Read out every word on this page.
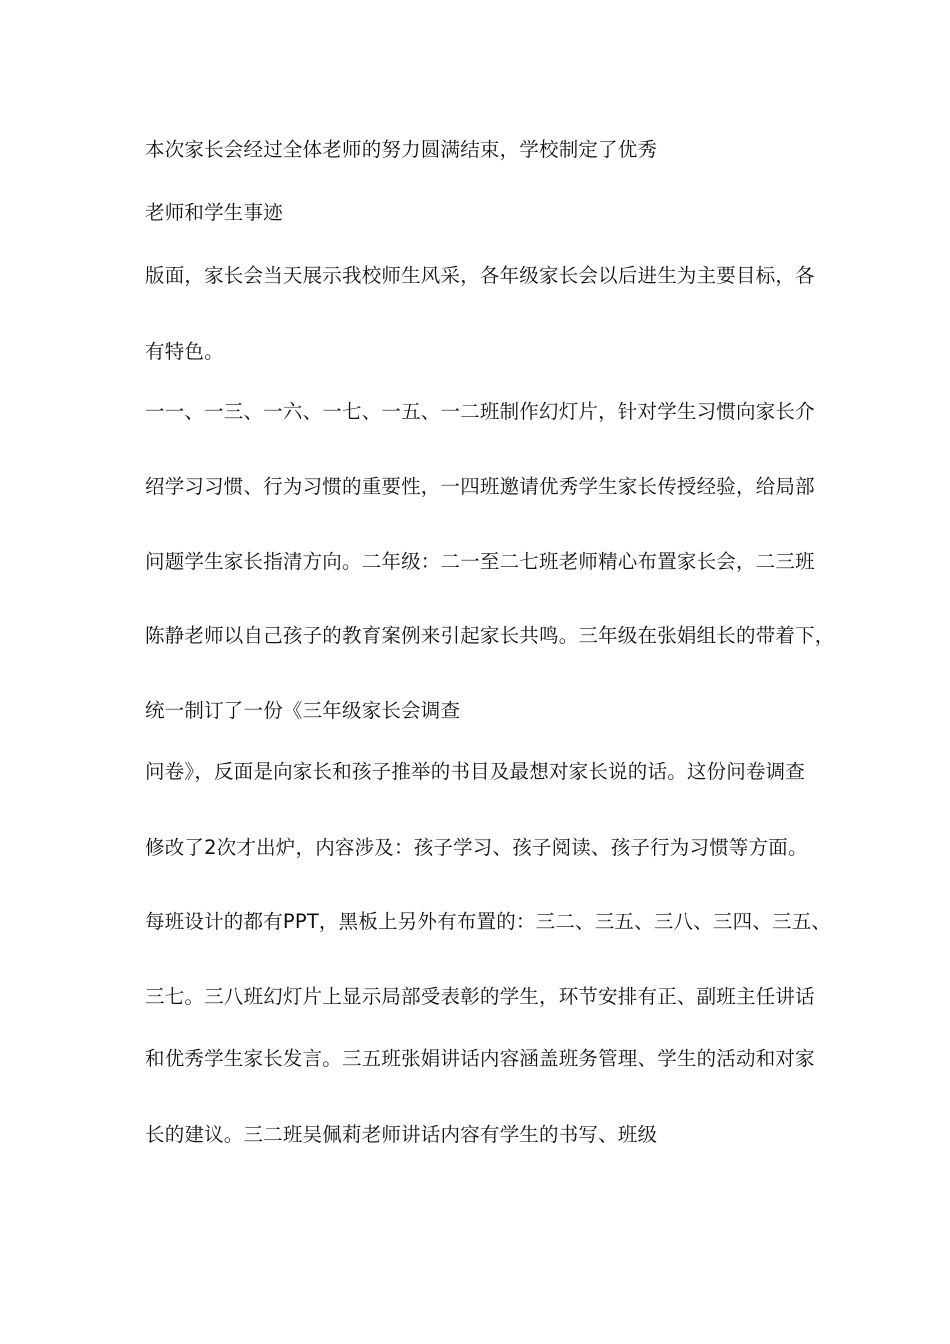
本次家长会经过全体老师的努力圆满结束，学校制定了优秀
老师和学生事迹
版面，家长会当天展示我校师生风采，各年级家长会以后进生为主要目标，各
有特色。
一一、一三、一六、一七、一五、一二班制作幻灯片，针对学生习惯向家长介
绍学习习惯、行为习惯的重要性，一四班邀请优秀学生家长传授经验，给局部
问题学生家长指清方向。二年级：二一至二七班老师精心布置家长会，二三班
陈静老师以自己孩子的教育案例来引起家长共鸣。三年级在张娟组长的带着下，
统一制订了一份《三年级家长会调查
问卷》，反面是向家长和孩子推举的书目及最想对家长说的话。这份问卷调查
修改了2次才出炉，内容涉及：孩子学习、孩子阅读、孩子行为习惯等方面。
每班设计的都有PPT，黑板上另外有布置的：三二、三五、三八、三四、三五、
三七。三八班幻灯片上显示局部受表彰的学生，环节安排有正、副班主任讲话
和优秀学生家长发言。三五班张娟讲话内容涵盖班务管理、学生的活动和对家
长的建议。三二班吴佩莉老师讲话内容有学生的书写、班级
